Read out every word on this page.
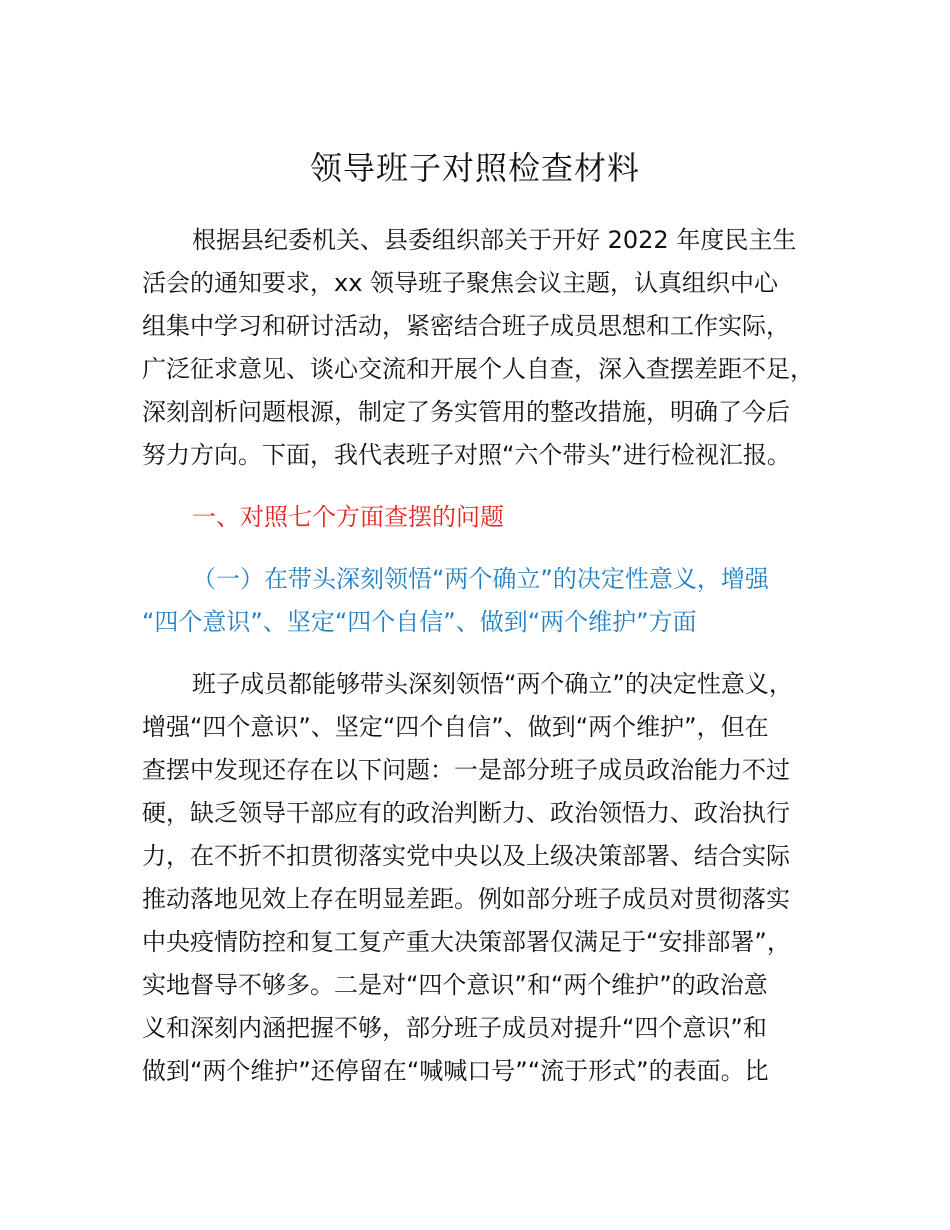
领导班子对照检查材料
根据县纪委机关、县委组织部关于开好 2022 年度民主生
活会的通知要求，xx 领导班子聚焦会议主题，认真组织中心
组集中学习和研讨活动，紧密结合班子成员思想和工作实际，
广泛征求意见、谈心交流和开展个人自查，深入查摆差距不足，
深刻剖析问题根源，制定了务实管用的整改措施，明确了今后
努力方向。下面，我代表班子对照“六个带头”进行检视汇报。
一、对照七个方面查摆的问题
（一）在带头深刻领悟“两个确立”的决定性意义，增强
“四个意识”、坚定“四个自信”、做到“两个维护”方面
班子成员都能够带头深刻领悟“两个确立”的决定性意义，
增强“四个意识”、坚定“四个自信”、做到“两个维护”，但在
查摆中发现还存在以下问题：一是部分班子成员政治能力不过
硬，缺乏领导干部应有的政治判断力、政治领悟力、政治执行
力，在不折不扣贯彻落实党中央以及上级决策部署、结合实际
推动落地见效上存在明显差距。例如部分班子成员对贯彻落实
中央疫情防控和复工复产重大决策部署仅满足于“安排部署”，
实地督导不够多。二是对“四个意识”和“两个维护”的政治意
义和深刻内涵把握不够，部分班子成员对提升“四个意识”和
做到“两个维护”还停留在“喊喊口号”“流于形式”的表面。比
